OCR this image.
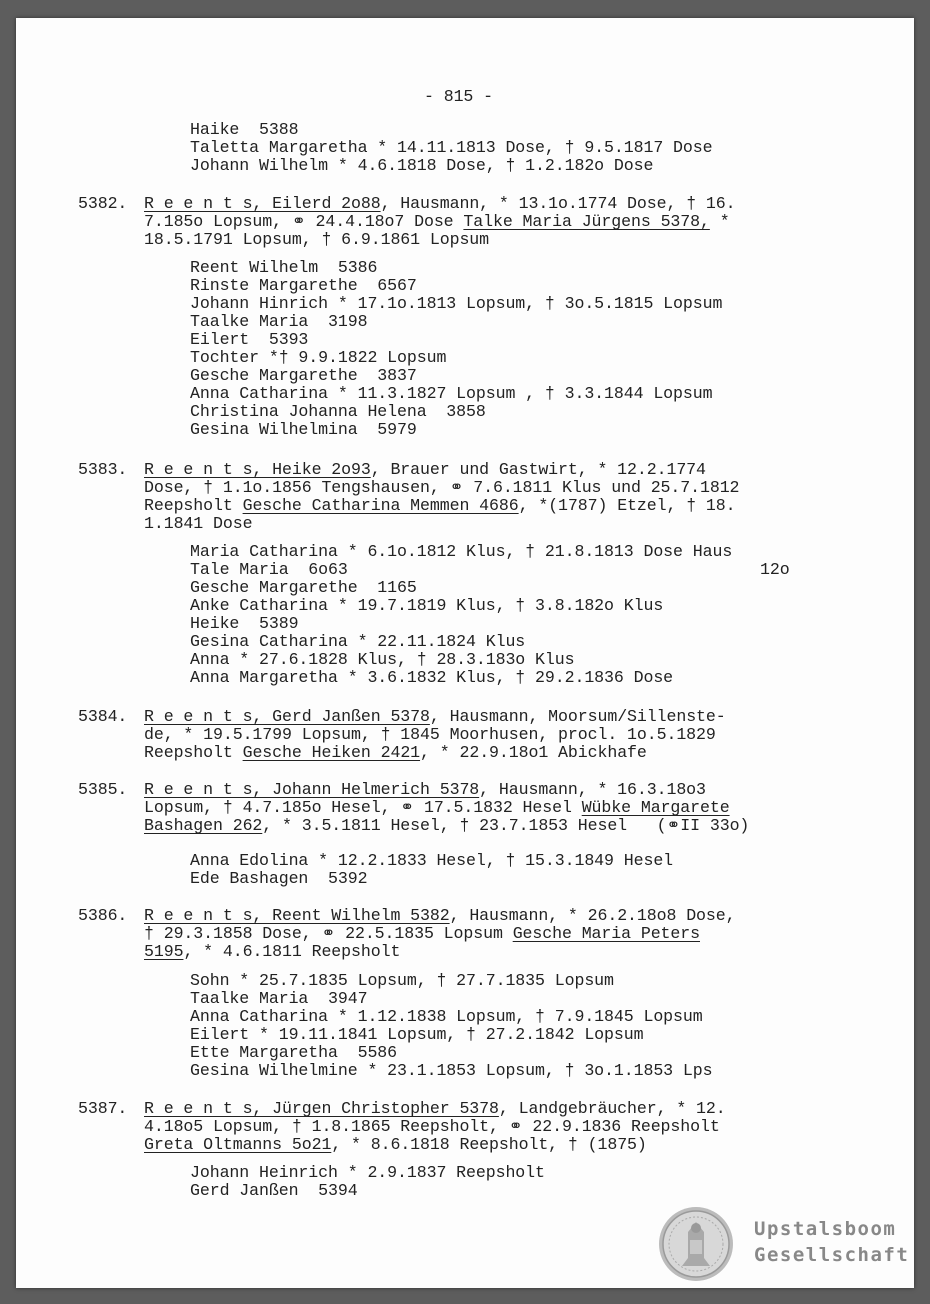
- 815 -
Haike  5388
Taletta Margaretha * 14.11.1813 Dose, † 9.5.1817 Dose
Johann Wilhelm * 4.6.1818 Dose, † 1.2.182o Dose
5382. R e e n t s, Eilerd 2o88, Hausmann, * 13.1o.1774 Dose, † 16.
7.185o Lopsum, ⚭ 24.4.18o7 Dose Talke Maria Jürgens 5378, *
18.5.1791 Lopsum, † 6.9.1861 Lopsum
Reent Wilhelm  5386
Rinste Margarethe  6567
Johann Hinrich * 17.1o.1813 Lopsum, † 3o.5.1815 Lopsum
Taalke Maria  3198
Eilert  5393
Tochter *† 9.9.1822 Lopsum
Gesche Margarethe  3837
Anna Catharina * 11.3.1827 Lopsum , † 3.3.1844 Lopsum
Christina Johanna Helena  3858
Gesina Wilhelmina  5979
5383. R e e n t s, Heike 2o93, Brauer und Gastwirt, * 12.2.1774
Dose, † 1.1o.1856 Tengshausen, ⚭ 7.6.1811 Klus und 25.7.1812
Reepsholt Gesche Catharina Memmen 4686, *(1787) Etzel, † 18.
1.1841 Dose
Maria Catharina * 6.1o.1812 Klus, † 21.8.1813 Dose Haus
Tale Maria  6o63	12o
Gesche Margarethe  1165
Anke Catharina * 19.7.1819 Klus, † 3.8.182o Klus
Heike  5389
Gesina Catharina * 22.11.1824 Klus
Anna * 27.6.1828 Klus, † 28.3.183o Klus
Anna Margaretha * 3.6.1832 Klus, † 29.2.1836 Dose
5384. R e e n t s, Gerd Janßen 5378, Hausmann, Moorsum/Sillenste-
de, * 19.5.1799 Lopsum, † 1845 Moorhusen, procl. 1o.5.1829
Reepsholt Gesche Heiken 2421, * 22.9.18o1 Abickhafe
5385. R e e n t s, Johann Helmerich 5378, Hausmann, * 16.3.18o3
Lopsum, † 4.7.185o Hesel, ⚭ 17.5.1832 Hesel Wübke Margarete
Bashagen 262, * 3.5.1811 Hesel, † 23.7.1853 Hesel   (⚭II 33o)
Anna Edolina * 12.2.1833 Hesel, † 15.3.1849 Hesel
Ede Bashagen  5392
5386. R e e n t s, Reent Wilhelm 5382, Hausmann, * 26.2.18o8 Dose,
† 29.3.1858 Dose, ⚭ 22.5.1835 Lopsum Gesche Maria Peters
5195, * 4.6.1811 Reepsholt
Sohn * 25.7.1835 Lopsum, † 27.7.1835 Lopsum
Taalke Maria  3947
Anna Catharina * 1.12.1838 Lopsum, † 7.9.1845 Lopsum
Eilert * 19.11.1841 Lopsum, † 27.2.1842 Lopsum
Ette Margaretha  5586
Gesina Wilhelmine * 23.1.1853 Lopsum, † 3o.1.1853 Lps
5387. R e e n t s, Jürgen Christopher 5378, Landgebräucher, * 12.
4.18o5 Lopsum, † 1.8.1865 Reepsholt, ⚭ 22.9.1836 Reepsholt
Greta Oltmanns 5o21, * 8.6.1818 Reepsholt, † (1875)
Johann Heinrich * 2.9.1837 Reepsholt
Gerd Janßen  5394
Upstalsboom
Gesellschaft
